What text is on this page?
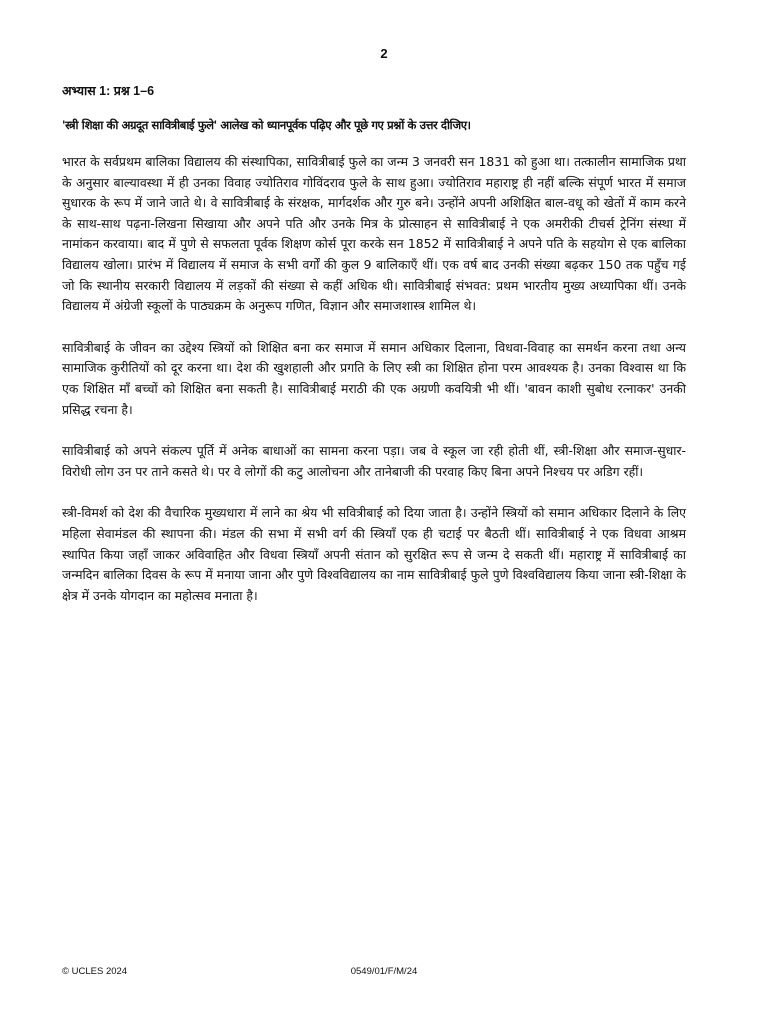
2
अभ्यास 1: प्रश्न 1–6
'स्त्री शिक्षा की अग्रदूत सावित्रीबाई फुले' आलेख को ध्यानपूर्वक पढ़िए और पूछे गए प्रश्नों के उत्तर दीजिए।

भारत के सर्वप्रथम बालिका विद्यालय की संस्थापिका, सावित्रीबाई फुले का जन्म 3 जनवरी सन 1831 को हुआ था। तत्कालीन सामाजिक प्रथा के अनुसार बाल्यावस्था में ही उनका विवाह ज्योतिराव गोविंदराव फुले के साथ हुआ। ज्योतिराव महाराष्ट्र ही नहीं बल्कि संपूर्ण भारत में समाज सुधारक के रूप में जाने जाते थे। वे सावित्रीबाई के संरक्षक, मार्गदर्शक और गुरु बने। उन्होंने अपनी अशिक्षित बाल-वधू को खेतों में काम करने के साथ-साथ पढ़ना-लिखना सिखाया और अपने पति और उनके मित्र के प्रोत्साहन से सावित्रीबाई ने एक अमरीकी टीचर्स ट्रेनिंग संस्था में नामांकन करवाया। बाद में पुणे से सफलता पूर्वक शिक्षण कोर्स पूरा करके सन 1852 में सावित्रीबाई ने अपने पति के सहयोग से एक बालिका विद्यालय खोला। प्रारंभ में विद्यालय में समाज के सभी वर्गों की कुल 9 बालिकाएँ थीं। एक वर्ष बाद उनकी संख्या बढ़कर 150 तक पहुँच गई जो कि स्थानीय सरकारी विद्यालय में लड़कों की संख्या से कहीं अधिक थी। सावित्रीबाई संभवत: प्रथम भारतीय मुख्य अध्यापिका थीं। उनके विद्यालय में अंग्रेजी स्कूलों के पाठ्यक्रम के अनुरूप गणित, विज्ञान और समाजशास्त्र शामिल थे।

सावित्रीबाई के जीवन का उद्देश्य स्त्रियों को शिक्षित बना कर समाज में समान अधिकार दिलाना, विधवा-विवाह का समर्थन करना तथा अन्य सामाजिक कुरीतियों को दूर करना था। देश की खुशहाली और प्रगति के लिए स्त्री का शिक्षित होना परम आवश्यक है। उनका विश्वास था कि एक शिक्षित माँ बच्चों को शिक्षित बना सकती है। सावित्रीबाई मराठी की एक अग्रणी कवयित्री भी थीं। 'बावन काशी सुबोध रत्नाकर' उनकी प्रसिद्ध रचना है।

सावित्रीबाई को अपने संकल्प पूर्ति में अनेक बाधाओं का सामना करना पड़ा। जब वे स्कूल जा रही होती थीं, स्त्री-शिक्षा और समाज-सुधार-विरोधी लोग उन पर ताने कसते थे। पर वे लोगों की कटु आलोचना और तानेबाजी की परवाह किए बिना अपने निश्चय पर अडिग रहीं।

स्त्री-विमर्श को देश की वैचारिक मुख्यधारा में लाने का श्रेय भी सवित्रीबाई को दिया जाता है। उन्होंने स्त्रियों को समान अधिकार दिलाने के लिए महिला सेवामंडल की स्थापना की। मंडल की सभा में सभी वर्ग की स्त्रियाँ एक ही चटाई पर बैठती थीं। सावित्रीबाई ने एक विधवा आश्रम स्थापित किया जहाँ जाकर अविवाहित और विधवा स्त्रियाँ अपनी संतान को सुरक्षित रूप से जन्म दे सकती थीं। महाराष्ट्र में सावित्रीबाई का जन्मदिन बालिका दिवस के रूप में मनाया जाना और पुणे विश्वविद्यालय का नाम सावित्रीबाई फुले पुणे विश्वविद्यालय किया जाना स्त्री-शिक्षा के क्षेत्र में उनके योगदान का महोत्सव मनाता है।

© UCLES 2024	0549/01/F/M/24
